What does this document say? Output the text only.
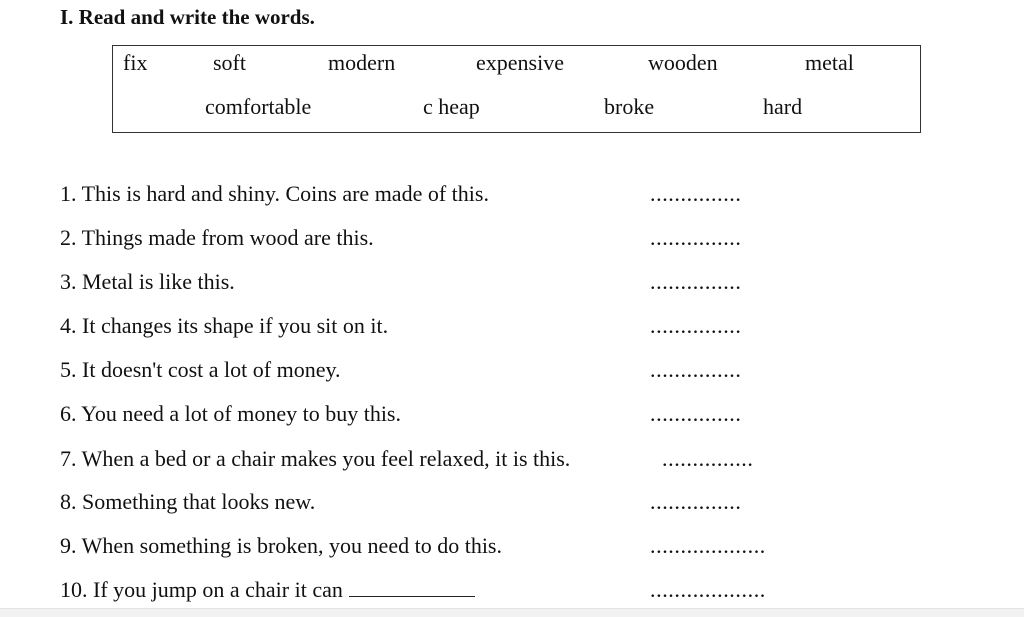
I. Read and write the words.
fix	soft	modern	expensive	wooden	metal
comfortable	c heap	broke	hard
1. This is hard and shiny. Coins are made of this.	...............
2. Things made from wood are this.	...............
3. Metal is like this.	...............
4. It changes its shape if you sit on it.	...............
5. It doesn't cost a lot of money.	...............
6. You need a lot of money to buy this.	...............
7. When a bed or a chair makes you feel relaxed, it is this.	...............
8. Something that looks new.	...............
9. When something is broken, you need to do this.	...................
10. If you jump on a chair it can	...................
